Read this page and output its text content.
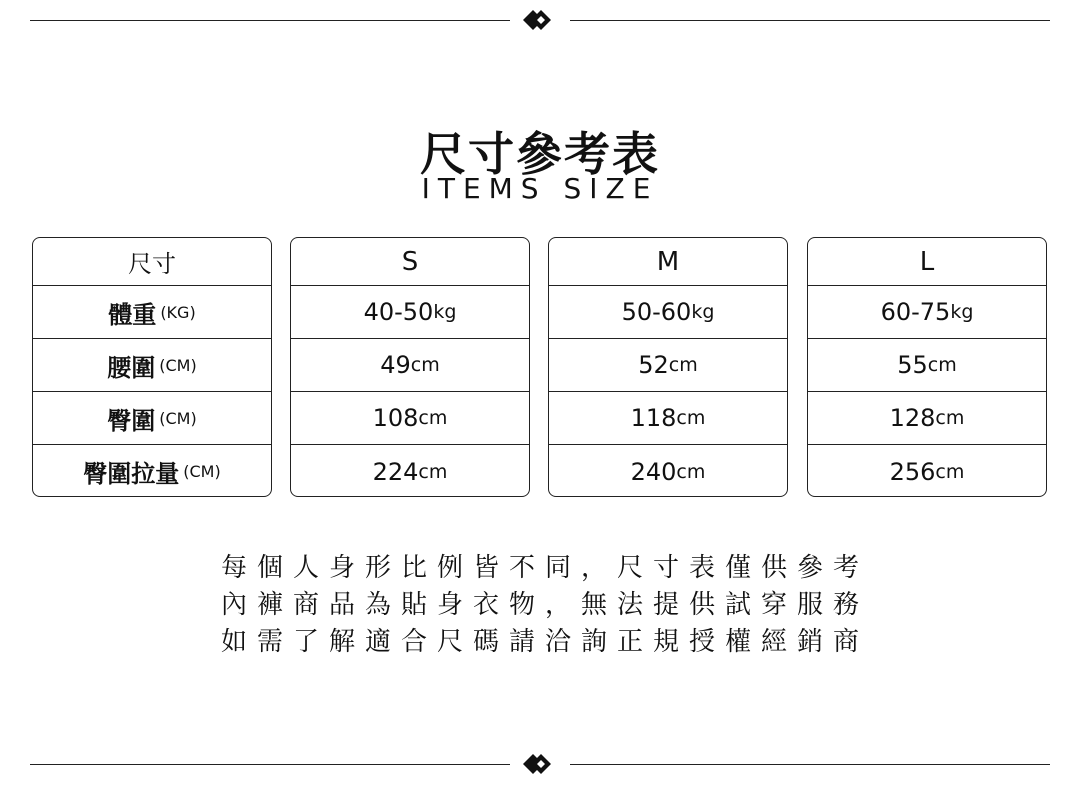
尺寸參考表
ITEMS SIZE
尺寸
體重 (KG)
腰圍 (CM)
臀圍 (CM)
臀圍拉量 (CM)
S
40-50 kg
49 cm
108 cm
224 cm
M
50-60 kg
52 cm
118 cm
240 cm
L
60-75 kg
55 cm
128 cm
256 cm
每個人身形比例皆不同，尺寸表僅供參考
內褲商品為貼身衣物，無法提供試穿服務
如需了解適合尺碼請洽詢正規授權經銷商
